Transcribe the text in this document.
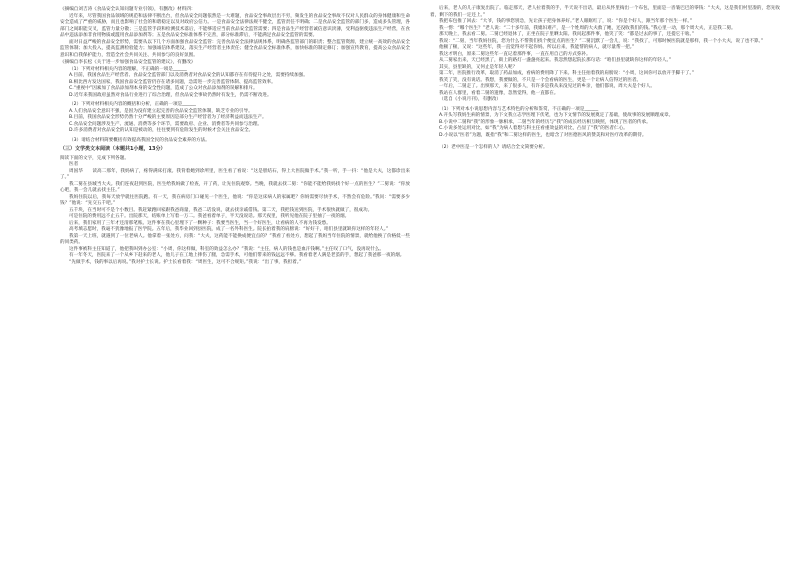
《摘编自刘吉涛《食品安全认知问题专业引领》，有删改》材料四：

近年来，尽管我国食品领域的规范和法律不断出台，但食品安全问题依然是一大难题，食品安全事故层出不穷，频发生的食品安全事故不仅对人民群众的身体健康和生命安全造成了严重的威胁，而且也影响了社会的和谐稳定以及对政府公信力。一是食品安全法律法规不健全，监管责任不明确；二是食品安全监管的部门多，造成多头管理，各部门之间职能交叉，监管力量分散；三是监管手段和检测技术落后，不能够适应当前食品安全监管需要；四是食品生产经营者诚信意识淡薄，受利益驱使违法生产经营，在食品中违法添加非食用物质或滥用食品添加剂等；五是食品安全标准体系不完善，部分标准滞后，不能满足食品安全监管的需要。

面对日益严峻的食品安全形势，需要从以下几个方面加强食品安全监管：完善食品安全法律法规体系，明确各监管部门的职责；整合监管资源，建立统一高效的食品安全监管体制；加大投入，提高监测检验能力；加强诚信体系建设，落实生产经营者主体责任；健全食品安全标准体系，加快标准的制定修订；加强宣传教育，提高公众食品安全意识和自我保护能力，营造全社会共同关注、共同参与的良好氛围。

《摘编自李长松《关于进一步加强食品安全监管的建议》，有删改》

（1）下列对材料相关内容的理解，不正确的一项是______

A.目前，我国食品生产经营者、食品安全监管部门以及消费者对食品安全的认知都存在有待提升之处，需要持续加强。

B.相比西方发达国家，我国食品安全监管仍存在诸多问题，急需进一步完善监管体制、提高监管效率。

C.“重视中”因素加了食品添加剂本身的安全性问题，造成了公众对食品添加剂的误解和排斥。

D.近年来我国政府虽然对食品行业进行了综合治理，但食品安全事故仍然时有发生，仍需不断改进。

（2）下列对材料相关内容的概括和分析，正确的一项是______

A.人们食品安全意识不强，是因为没有建立起完善的食品安全监管体制，缺乏专业的引导。

B.目前，我国食品安全形势仍然十分严峻的主要原因是部分生产经营者为了经济利益而违法生产。

C.食品安全问题涉及生产、流通、消费等多个环节，需要政府、企业、消费者等共同参与治理。

D.许多消费者对食品安全的认知是被动的，往往要到有危险发生的时候才会关注食品安全。

（3）请结合材料简要概括有效提高我国全民的食品安全素养的方法。

（三）文学类文本阅读（本题共1小题，13分）

阅读下面的文字，完成下列各题。

医者

周国华　　读高二那年，我妈病了，疼得满床打滚。我背着她到诊所里，医生看了看说：“这是胆结石，得上大医院做手术。”我一听，手一抖：“他是大夫，这都诊出来了。”

我二舅在县城当大夫。我们连夜赶到医院，医生给我妈做了检查，开了药，让先住院观察。当晚，我就去找二舅：“你能不能给我妈找个好一点的医生？”二舅说：“你放心吧，我一会儿就去找主任。”

我妈住院以后，我每天放学就往医院跑。有一天，我在病房门口碰见一个医生，他说：“你是这床病人的家属吧？你妈需要尽快手术，不然会有危险。”我问：“需要多少钱？”他说：“先交五千吧。”

五千块，在当时可不是个小数目。我赶紧跑回家跟我爸商量，我爸二话没说，就去找亲戚借钱。第二天，我把钱送到医院，手术很快就做了，很成功。

可是住院的费用远不止五千。出院那天，结账单上写着一万二。我爸看着单子，半天没说话。那天夜里，我听见他在院子里抽了一夜的烟。

后来，我们家用了三年才还清那笔账。这件事在我心里埋下了一颗种子：我要当医生，当一个好医生，让看病的人不再为钱发愁。

高考填志愿时，我毫不犹豫地报了医学院。五年后，我毕业回到县医院，成了一名外科医生。院长拍着我的肩膀说：“好好干，咱们县里就缺你这样的年轻人。”

我第一天上班，就遇到了一位老病人。他拿着一张处方，问我：“大夫，这药能不能换成便宜点的？”我看了看处方，想起了我妈当年住院的情景，就给他换了价格低一些的同类药。

这件事被科主任知道了，他把我叫到办公室：“小周，你这样做，科室的效益怎么办？”我说：“主任，病人的钱也是血汗钱啊。”主任叹了口气，没再说什么。

有一年冬天，医院来了一个从乡下赶来的老人，他儿子在工地上摔伤了腿，急需手术，可他们带来的钱远远不够。我看着老人满是老茧的手，想起了我爸那一夜的烟。

“先做手术，钱的事以后再说。”我对护士长说。护士长看着我：“周医生，这可不合规矩。”我说：“出了事，我担着。”

后来，老人的儿子康复出院了。临走那天，老人拉着我的手，半天说不出话，最后从怀里掏出一个布包，里面是一沓皱巴巴的零钱：“大夫，这是我们村里凑的，您先收着，剩下的我们一定还上。”

我把布包推了回去：“大爷，钱的事您别急，先让孩子把身体养好。”老人眼眶红了，说：“你是个好人，跟当年那个医生一样。”

我一愣：“哪个医生？”老人说：“二十多年前，我媳妇难产，是一个姓周的大夫救了她，还没收我们的钱。”我心里一动，那个周大夫，正是我二舅。

那天晚上，我去看二舅。二舅已经退休了，正坐在院子里晒太阳。我问起那件事，他笑了笑：“都是过去的事了，还提它干啥。”

我说：“二舅，当年我妈住院，您为什么不帮我们找个便宜点的医生？”二舅沉默了一会儿，说：“我找了，可那时候医院就是那样，我一个小大夫，说了也不算。”

他顿了顿，又说：“这些年，我一直觉得对不起你妈。所以后来，我能帮的病人，就尽量帮一把。”

我这才明白，原来二舅这些年一直记着那件事，一直在用自己的方式弥补。

从二舅家出来，天已经黑了，街上的路灯一盏盏亮起来。我忽然想起院长那句话：“咱们县里就缺你这样的年轻人。”

其实，县里缺的，又何止是年轻人呢？

第二年，医院推行改革，取消了药品加成，看病的费用降了下来。科主任拍着我的肩膀说：“小周，这回你可以放开手脚干了。”

我笑了笑，没有说话。我想，我要做的，不只是一个会看病的医生，更是一个让病人信得过的医者。

一年后，二舅走了。出殡那天，来了很多人，有许多是我从来没见过的乡亲，他们都说，周大夫是个好人。

我站在人群里，看着二舅的遗像，忽然觉得，他一直都在。

（选自《小说月刊》，有删改）

（1）下列对本小说思想内容与艺术特色的分析和鉴赏，不正确的一项是______

A.开头写我妈生病的情景，为下文我立志学医埋下伏笔，也为下文情节的发展奠定了基础，使故事的发展顺理成章。

B.小说中二舅和“我”的形象一脉相承，二舅当年的经历与“我”的成长经历相互映照，体现了医者的传承。

C.小说多处运用对比，如“我”为病人着想与科主任看重效益的对比，凸显了“我”的医者仁心。

D.小说以“医者”为题，既指“我”和二舅这样的医生，也暗含了对医德医风的赞美和对医疗改革的期待。

（2）老中医是一个怎样的人？请结合全文简要分析。
